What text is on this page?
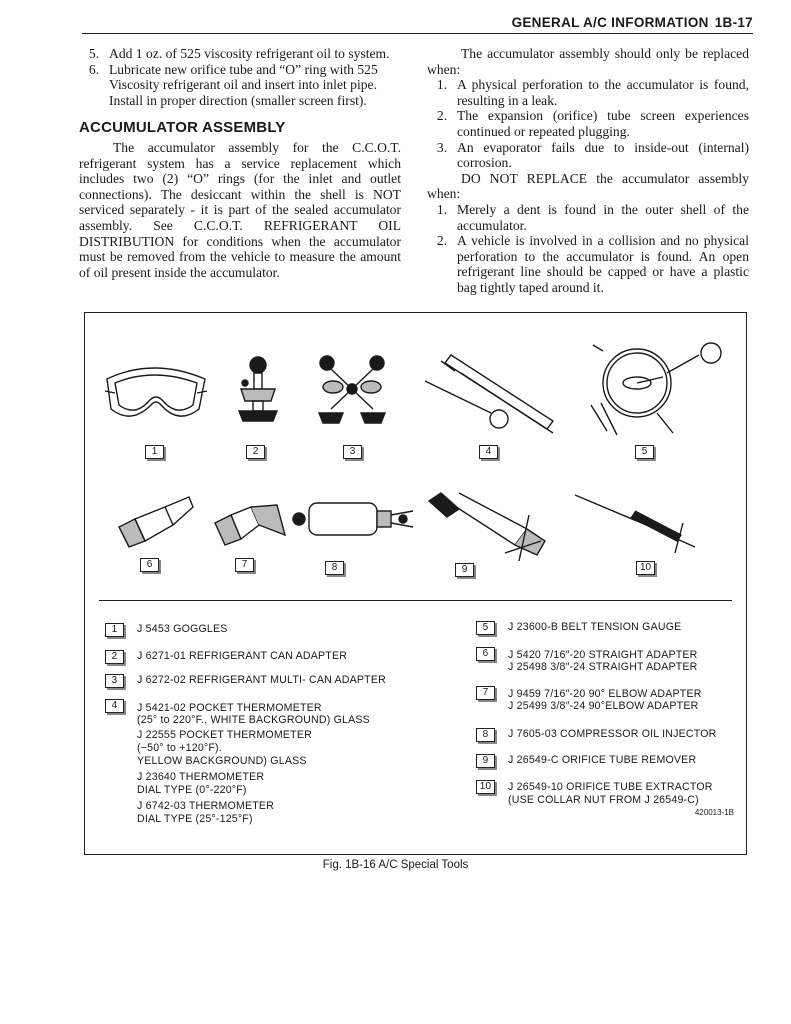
GENERAL A/C INFORMATION 1B-17
5. Add 1 oz. of 525 viscosity refrigerant oil to system.
6. Lubricate new orifice tube and “O” ring with 525 Viscosity refrigerant oil and insert into inlet pipe. Install in proper direction (smaller screen first).

ACCUMULATOR ASSEMBLY

The accumulator assembly for the C.C.O.T. refrigerant system has a service replacement which includes two (2) “O” rings (for the inlet and outlet connections). The desiccant within the shell is NOT serviced separately - it is part of the sealed accumulator assembly. See C.C.O.T. REFRIGERANT OIL DISTRIBUTION for conditions when the accumulator must be removed from the vehicle to measure the amount of oil present inside the accumulator.

The accumulator assembly should only be replaced when:

1. A physical perforation to the accumulator is found, resulting in a leak.
2. The expansion (orifice) tube screen experiences continued or repeated plugging.
3. An evaporator fails due to inside-out (internal) corrosion.

DO NOT REPLACE the accumulator assembly when:

1. Merely a dent is found in the outer shell of the accumulator.
2. A vehicle is involved in a collision and no physical perforation to the accumulator is found. An open refrigerant line should be capped or have a plastic bag tightly taped around it.
1	2	3	4	5
6	7	8	9	10
1	J 5453 GOGGLES
2	J 6271-01 REFRIGERANT CAN ADAPTER
3	J 6272-02 REFRIGERANT MULTI- CAN ADAPTER
4	J 5421-02 POCKET THERMOMETER
(25° to 220°F., WHITE BACKGROUND) GLASS
J 22555 POCKET THERMOMETER
(−50° to +120°F).
YELLOW BACKGROUND) GLASS
J 23640 THERMOMETER
DIAL TYPE (0°-220°F)
J 6742-03 THERMOMETER
DIAL TYPE (25°-125°F)
5	J 23600-B BELT TENSION GAUGE
6	J 5420 7/16″-20 STRAIGHT ADAPTER
J 25498 3/8″-24 STRAIGHT ADAPTER
7	J 9459 7/16″-20 90° ELBOW ADAPTER
J 25499 3/8″-24 90°ELBOW ADAPTER
8	J 7605-03 COMPRESSOR OIL INJECTOR
9	J 26549-C ORIFICE TUBE REMOVER
10	J 26549-10 ORIFICE TUBE EXTRACTOR
(USE COLLAR NUT FROM J 26549-C)
420013-1B
Fig. 1B-16 A/C Special Tools
